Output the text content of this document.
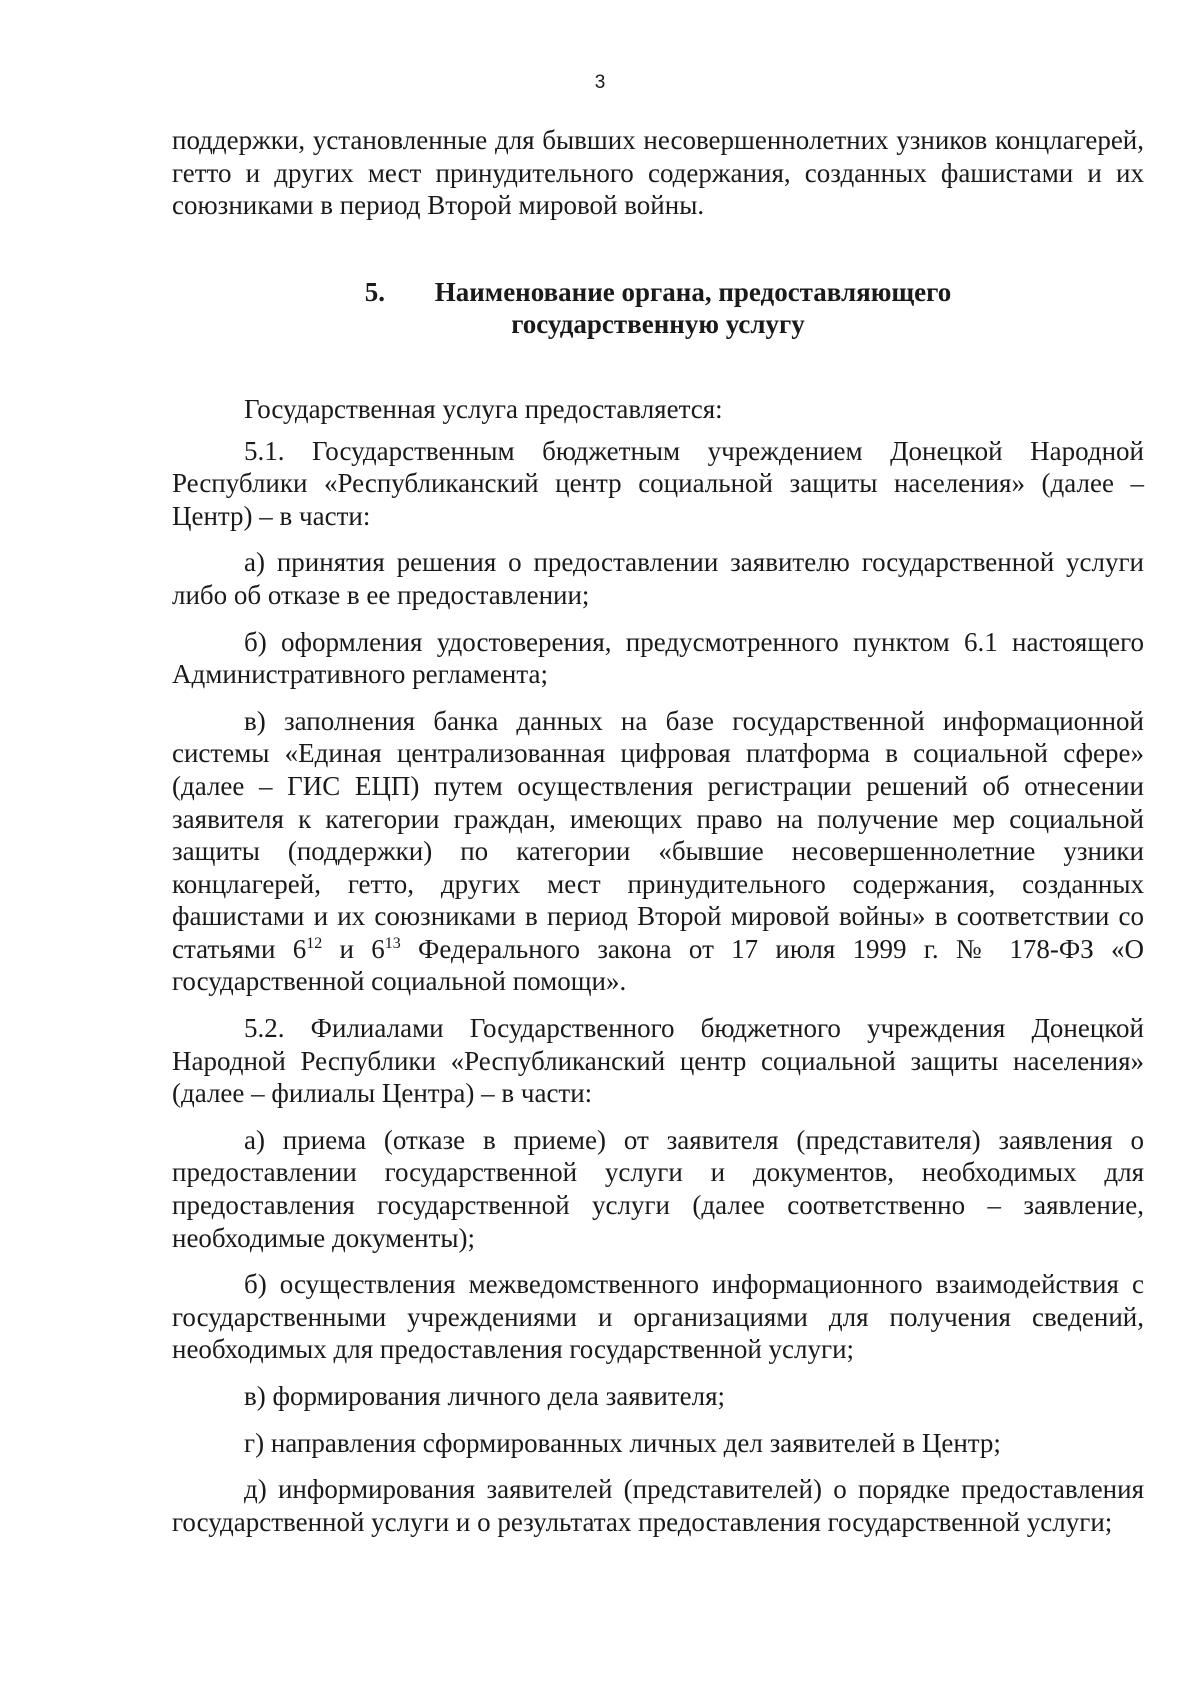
3

поддержки, установленные для бывших несовершеннолетних узников концлагерей, гетто и других мест принудительного содержания, созданных фашистами и их союзниками в период Второй мировой войны.

5. Наименование органа, предоставляющего
государственную услугу

Государственная услуга предоставляется:

5.1. Государственным бюджетным учреждением Донецкой Народной Республики «Республиканский центр социальной защиты населения» (далее – Центр) – в части:

а) принятия решения о предоставлении заявителю государственной услуги либо об отказе в ее предоставлении;

б) оформления удостоверения, предусмотренного пунктом 6.1 настоящего Административного регламента;

в) заполнения банка данных на базе государственной информационной системы «Единая централизованная цифровая платформа в социальной сфере» (далее – ГИС ЕЦП) путем осуществления регистрации решений об отнесении заявителя к категории граждан, имеющих право на получение мер социальной защиты (поддержки) по категории «бывшие несовершеннолетние узники концлагерей, гетто, других мест принудительного содержания, созданных фашистами и их союзниками в период Второй мировой войны» в соответствии со статьями $6^{12}$ и $6^{13}$ Федерального закона от 17 июля 1999 г. № 178-ФЗ «О государственной социальной помощи».

5.2. Филиалами Государственного бюджетного учреждения Донецкой Народной Республики «Республиканский центр социальной защиты населения» (далее – филиалы Центра) – в части:

а) приема (отказе в приеме) от заявителя (представителя) заявления о предоставлении государственной услуги и документов, необходимых для предоставления государственной услуги (далее соответственно – заявление, необходимые документы);

б) осуществления межведомственного информационного взаимодействия с государственными учреждениями и организациями для получения сведений, необходимых для предоставления государственной услуги;

в) формирования личного дела заявителя;

г) направления сформированных личных дел заявителей в Центр;

д) информирования заявителей (представителей) о порядке предоставления государственной услуги и о результатах предоставления государственной услуги;
